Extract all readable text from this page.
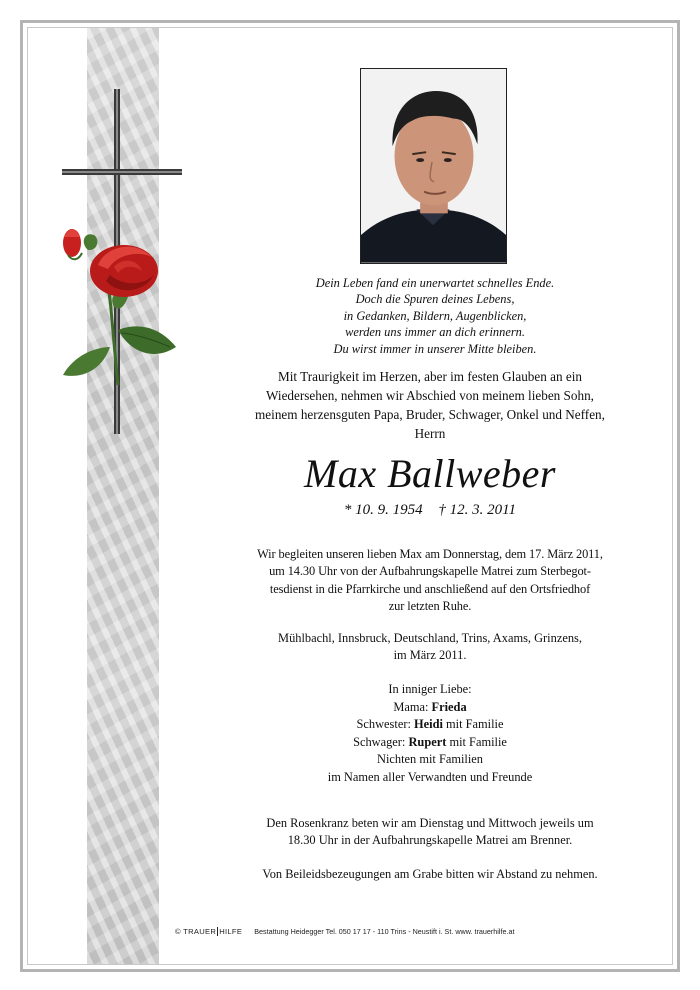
Dein Leben fand ein unerwartet schnelles Ende.
Doch die Spuren deines Lebens,
in Gedanken, Bildern, Augenblicken,
werden uns immer an dich erinnern.
Du wirst immer in unserer Mitte bleiben.
Mit Traurigkeit im Herzen, aber im festen Glauben an ein
Wiedersehen, nehmen wir Abschied von meinem lieben Sohn,
meinem herzensguten Papa, Bruder, Schwager, Onkel und Neffen,
Herrn
Max Ballweber
* 10. 9. 1954 † 12. 3. 2011
Wir begleiten unseren lieben Max am Donnerstag, dem 17. März 2011,
um 14.30 Uhr von der Aufbahrungskapelle Matrei zum Sterbegot-
tesdienst in die Pfarrkirche und anschließend auf den Ortsfriedhof
zur letzten Ruhe.
Mühlbachl, Innsbruck, Deutschland, Trins, Axams, Grinzens,
im März 2011.
In inniger Liebe:
Mama: Frieda
Schwester: Heidi mit Familie
Schwager: Rupert mit Familie
Nichten mit Familien
im Namen aller Verwandten und Freunde
Den Rosenkranz beten wir am Dienstag und Mittwoch jeweils um
18.30 Uhr in der Aufbahrungskapelle Matrei am Brenner.
Von Beileidsbezeugungen am Grabe bitten wir Abstand zu nehmen.
© TRAUER HILFE Bestattung Heidegger Tel. 050 17 17 - 110 Trins - Neustift i. St. www. trauerhilfe.at
